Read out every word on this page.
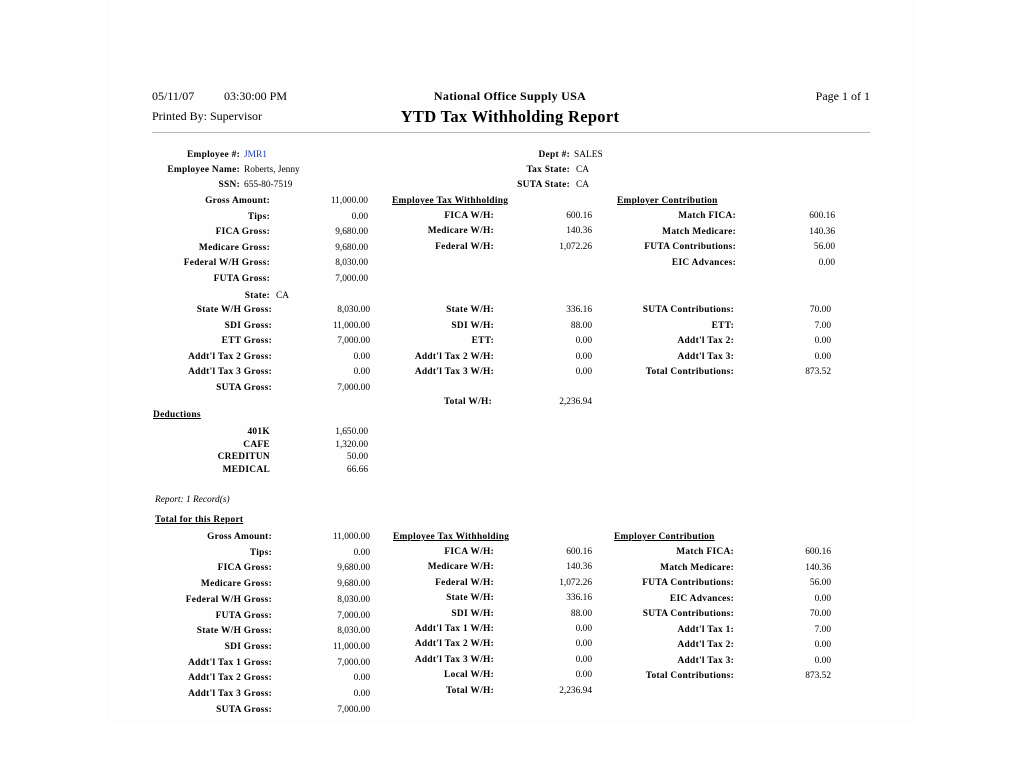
05/11/07 03:30:00 PM
Printed By: Supervisor
National Office Supply USA
YTD Tax Withholding Report
Page 1 of 1
Employee #: JMR1
Employee Name: Roberts, Jenny
SSN: 655-80-7519
Dept #: SALES
Tax State: CA
SUTA State: CA
Gross Amount:	11,000.00
Tips:	0.00
FICA Gross:	9,680.00
Medicare Gross:	9,680.00
Federal W/H Gross:	8,030.00
FUTA Gross:	7,000.00
State: CA
State W/H Gross:	8,030.00
SDI Gross:	11,000.00
ETT Gross:	7,000.00
Addt'l Tax 2 Gross:	0.00
Addt'l Tax 3 Gross:	0.00
SUTA Gross:	7,000.00
Employee Tax Withholding
FICA W/H:	600.16
Medicare W/H:	140.36
Federal W/H:	1,072.26
State W/H:	336.16
SDI W/H:	88.00
ETT:	0.00
Addt'l Tax 2 W/H:	0.00
Addt'l Tax 3 W/H:	0.00
Total W/H:	2,236.94
Employer Contribution
Match FICA:	600.16
Match Medicare:	140.36
FUTA Contributions:	56.00
EIC Advances:	0.00
SUTA Contributions:	70.00
ETT:	7.00
Addt'l Tax 2:	0.00
Addt'l Tax 3:	0.00
Total Contributions:	873.52
Deductions
401K	1,650.00
CAFE	1,320.00
CREDITUN	50.00
MEDICAL	66.66
Report: 1 Record(s)
Total for this Report
Employee Tax Withholding	Employer Contribution
Gross Amount:	11,000.00
Tips:	0.00
FICA Gross:	9,680.00
Medicare Gross:	9,680.00
Federal W/H Gross:	8,030.00
FUTA Gross:	7,000.00
State W/H Gross:	8,030.00
SDI Gross:	11,000.00
Addt'l Tax 1 Gross:	7,000.00
Addt'l Tax 2 Gross:	0.00
Addt'l Tax 3 Gross:	0.00
SUTA Gross:	7,000.00
FICA W/H:	600.16
Medicare W/H:	140.36
Federal W/H:	1,072.26
State W/H:	336.16
SDI W/H:	88.00
Addt'l Tax 1 W/H:	0.00
Addt'l Tax 2 W/H:	0.00
Addt'l Tax 3 W/H:	0.00
Local W/H:	0.00
Total W/H:	2,236.94
Match FICA:	600.16
Match Medicare:	140.36
FUTA Contributions:	56.00
EIC Advances:	0.00
SUTA Contributions:	70.00
Addt'l Tax 1:	7.00
Addt'l Tax 2:	0.00
Addt'l Tax 3:	0.00
Total Contributions:	873.52
